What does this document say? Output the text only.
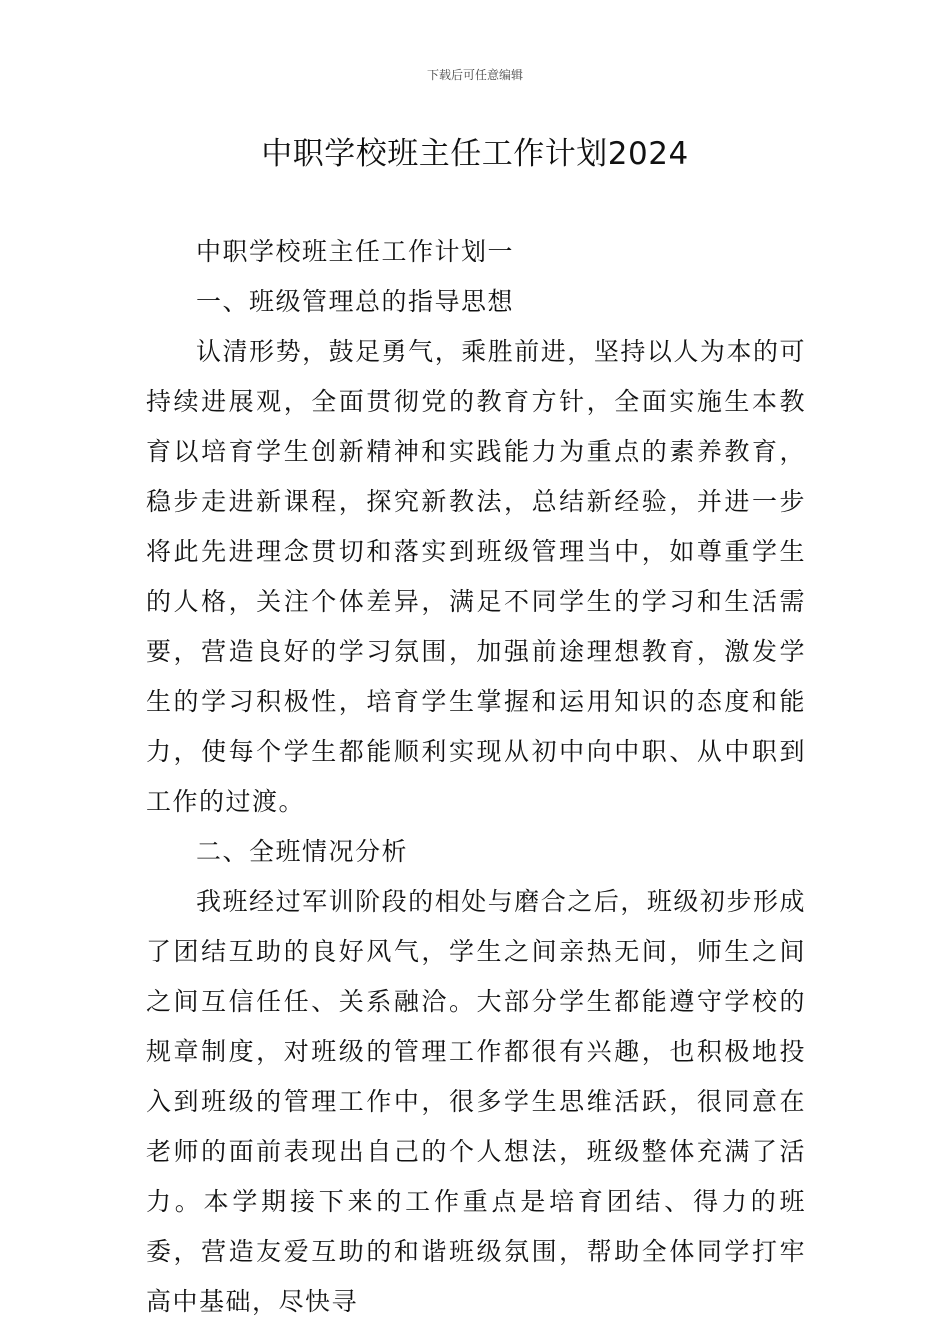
下载后可任意编辑
中职学校班主任工作计划2024

中职学校班主任工作计划一

一、班级管理总的指导思想

认清形势，鼓足勇气，乘胜前进，坚持以人为本的可持续进展观，全面贯彻党的教育方针，全面实施生本教育以培育学生创新精神和实践能力为重点的素养教育，稳步走进新课程，探究新教法，总结新经验，并进一步将此先进理念贯切和落实到班级管理当中，如尊重学生的人格，关注个体差异，满足不同学生的学习和生活需要，营造良好的学习氛围，加强前途理想教育，激发学生的学习积极性，培育学生掌握和运用知识的态度和能力，使每个学生都能顺利实现从初中向中职、从中职到工作的过渡。

二、全班情况分析

我班经过军训阶段的相处与磨合之后，班级初步形成了团结互助的良好风气，学生之间亲热无间，师生之间之间互信任任、关系融洽。大部分学生都能遵守学校的规章制度，对班级的管理工作都很有兴趣，也积极地投入到班级的管理工作中，很多学生思维活跃，很同意在老师的面前表现出自己的个人想法，班级整体充满了活力。本学期接下来的工作重点是培育团结、得力的班委，营造友爱互助的和谐班级氛围，帮助全体同学打牢高中基础，尽快寻
